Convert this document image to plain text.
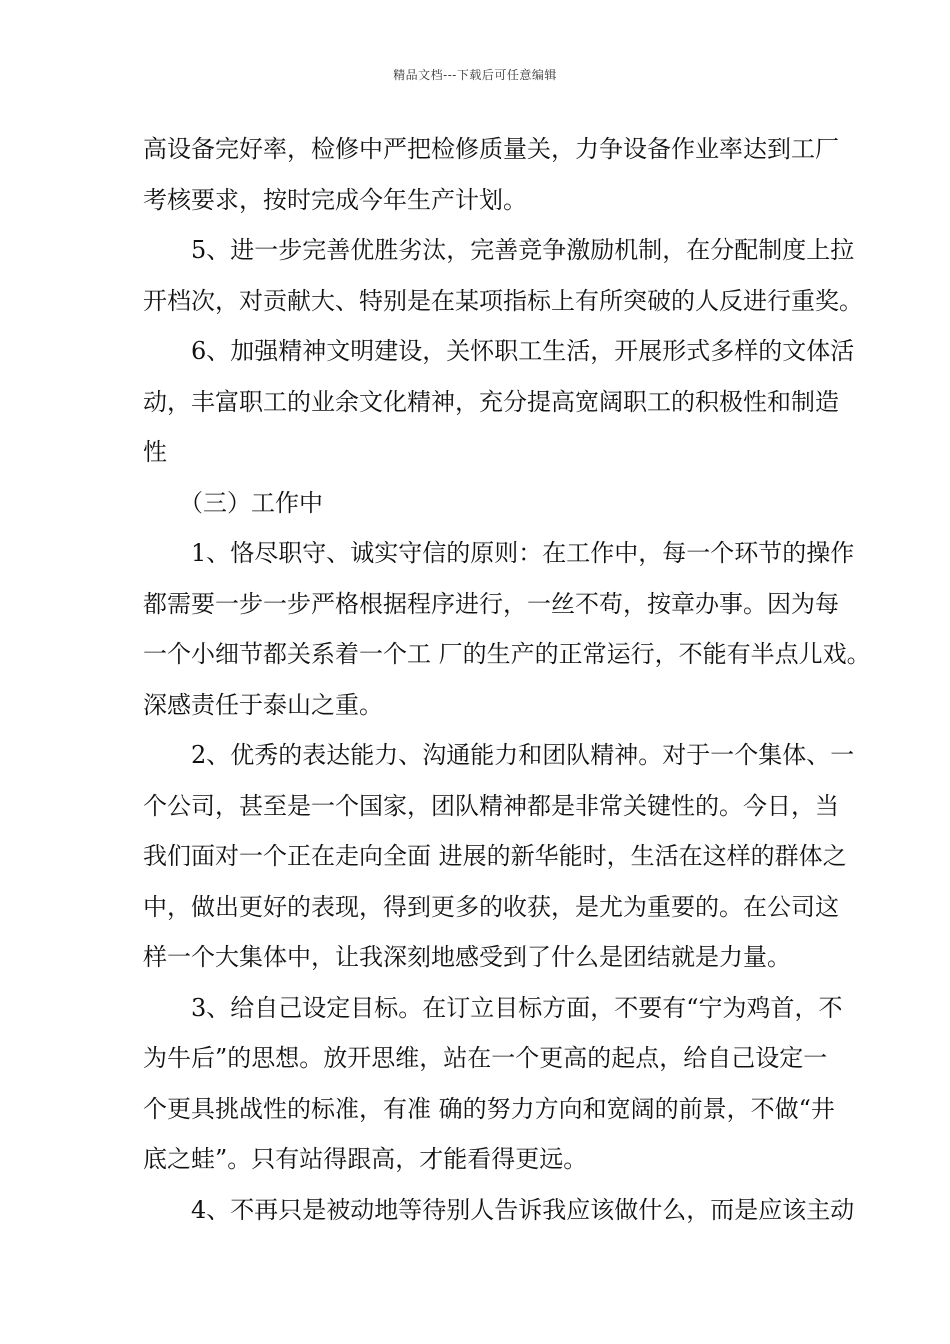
精品文档---下载后可任意编辑
高设备完好率，检修中严把检修质量关，力争设备作业率达到工厂
考核要求，按时完成今年生产计划。
5、进一步完善优胜劣汰，完善竞争激励机制，在分配制度上拉
开档次，对贡献大、特别是在某项指标上有所突破的人反进行重奖。
6、加强精神文明建设，关怀职工生活，开展形式多样的文体活
动，丰富职工的业余文化精神，充分提高宽阔职工的积极性和制造
性
（三）工作中
1、恪尽职守、诚实守信的原则：在工作中，每一个环节的操作
都需要一步一步严格根据程序进行，一丝不苟，按章办事。因为每
一个小细节都关系着一个工 厂的生产的正常运行，不能有半点儿戏。
深感责任于泰山之重。
2、优秀的表达能力、沟通能力和团队精神。对于一个集体、一
个公司，甚至是一个国家，团队精神都是非常关键性的。今日，当
我们面对一个正在走向全面 进展的新华能时，生活在这样的群体之
中，做出更好的表现，得到更多的收获，是尤为重要的。在公司这
样一个大集体中，让我深刻地感受到了什么是团结就是力量。
3、给自己设定目标。在订立目标方面，不要有“宁为鸡首，不
为牛后”的思想。放开思维，站在一个更高的起点，给自己设定一
个更具挑战性的标准，有准 确的努力方向和宽阔的前景，不做“井
底之蛙”。只有站得跟高，才能看得更远。
4、不再只是被动地等待别人告诉我应该做什么，而是应该主动
